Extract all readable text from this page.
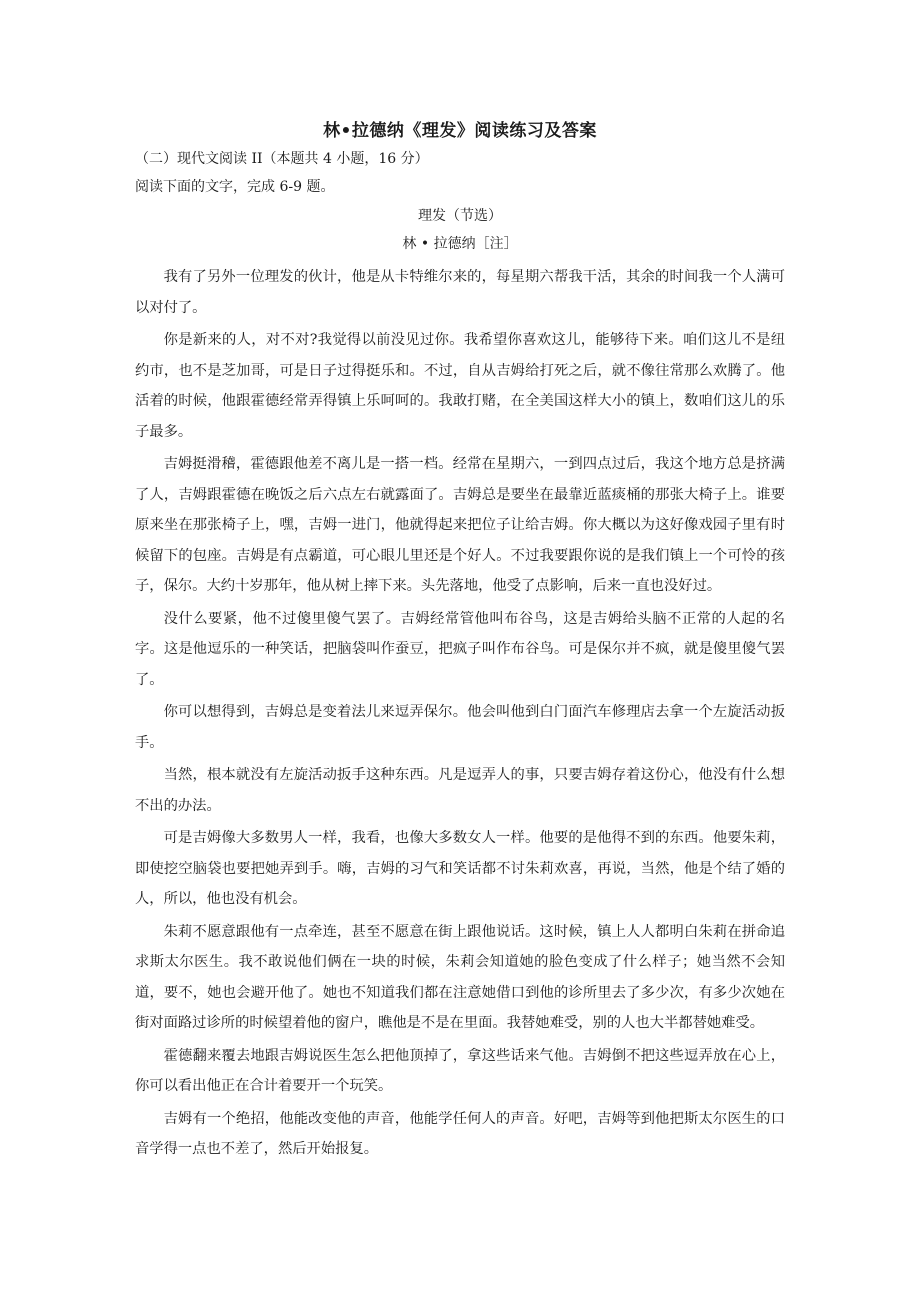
林•拉德纳《理发》阅读练习及答案
（二）现代文阅读 II（本题共 4 小题，16 分）
阅读下面的文字，完成 6-9 题。
理发（节选）
林 • 拉德纳［注］

我有了另外一位理发的伙计，他是从卡特维尔来的，每星期六帮我干活，其余的时间我一个人满可以对付了。

你是新来的人，对不对?我觉得以前没见过你。我希望你喜欢这儿，能够待下来。咱们这儿不是纽约市，也不是芝加哥，可是日子过得挺乐和。不过，自从吉姆给打死之后，就不像往常那么欢腾了。他活着的时候，他跟霍德经常弄得镇上乐呵呵的。我敢打赌，在全美国这样大小的镇上，数咱们这儿的乐子最多。

吉姆挺滑稽，霍德跟他差不离儿是一搭一档。经常在星期六，一到四点过后，我这个地方总是挤满了人，吉姆跟霍德在晚饭之后六点左右就露面了。吉姆总是要坐在最靠近蓝痰桶的那张大椅子上。谁要原来坐在那张椅子上，嘿，吉姆一进门，他就得起来把位子让给吉姆。你大概以为这好像戏园子里有时候留下的包座。吉姆是有点霸道，可心眼儿里还是个好人。不过我要跟你说的是我们镇上一个可怜的孩子，保尔。大约十岁那年，他从树上摔下来。头先落地，他受了点影响，后来一直也没好过。

没什么要紧，他不过傻里傻气罢了。吉姆经常管他叫布谷鸟，这是吉姆给头脑不正常的人起的名字。这是他逗乐的一种笑话，把脑袋叫作蚕豆，把疯子叫作布谷鸟。可是保尔并不疯，就是傻里傻气罢了。

你可以想得到，吉姆总是变着法儿来逗弄保尔。他会叫他到白门面汽车修理店去拿一个左旋活动扳手。

当然，根本就没有左旋活动扳手这种东西。凡是逗弄人的事，只要吉姆存着这份心，他没有什么想不出的办法。

可是吉姆像大多数男人一样，我看，也像大多数女人一样。他要的是他得不到的东西。他要朱莉，即使挖空脑袋也要把她弄到手。嗨，吉姆的习气和笑话都不讨朱莉欢喜，再说，当然，他是个结了婚的人，所以，他也没有机会。

朱莉不愿意跟他有一点牵连，甚至不愿意在街上跟他说话。这时候，镇上人人都明白朱莉在拼命追求斯太尔医生。我不敢说他们俩在一块的时候，朱莉会知道她的脸色变成了什么样子；她当然不会知道，要不，她也会避开他了。她也不知道我们都在注意她借口到他的诊所里去了多少次，有多少次她在街对面路过诊所的时候望着他的窗户，瞧他是不是在里面。我替她难受，别的人也大半都替她难受。

霍德翻来覆去地跟吉姆说医生怎么把他顶掉了，拿这些话来气他。吉姆倒不把这些逗弄放在心上，你可以看出他正在合计着要开一个玩笑。

吉姆有一个绝招，他能改变他的声音，他能学任何人的声音。好吧，吉姆等到他把斯太尔医生的口音学得一点也不差了，然后开始报复。
